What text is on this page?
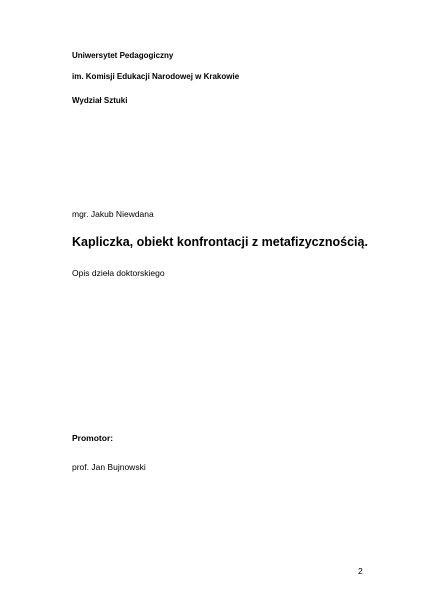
Uniwersytet Pedagogiczny
im. Komisji Edukacji Narodowej w Krakowie
Wydział Sztuki
mgr. Jakub Niewdana
Kapliczka, obiekt konfrontacji z metafizycznością.
Opis dzieła doktorskiego
Promotor:
prof. Jan Bujnowski
2
